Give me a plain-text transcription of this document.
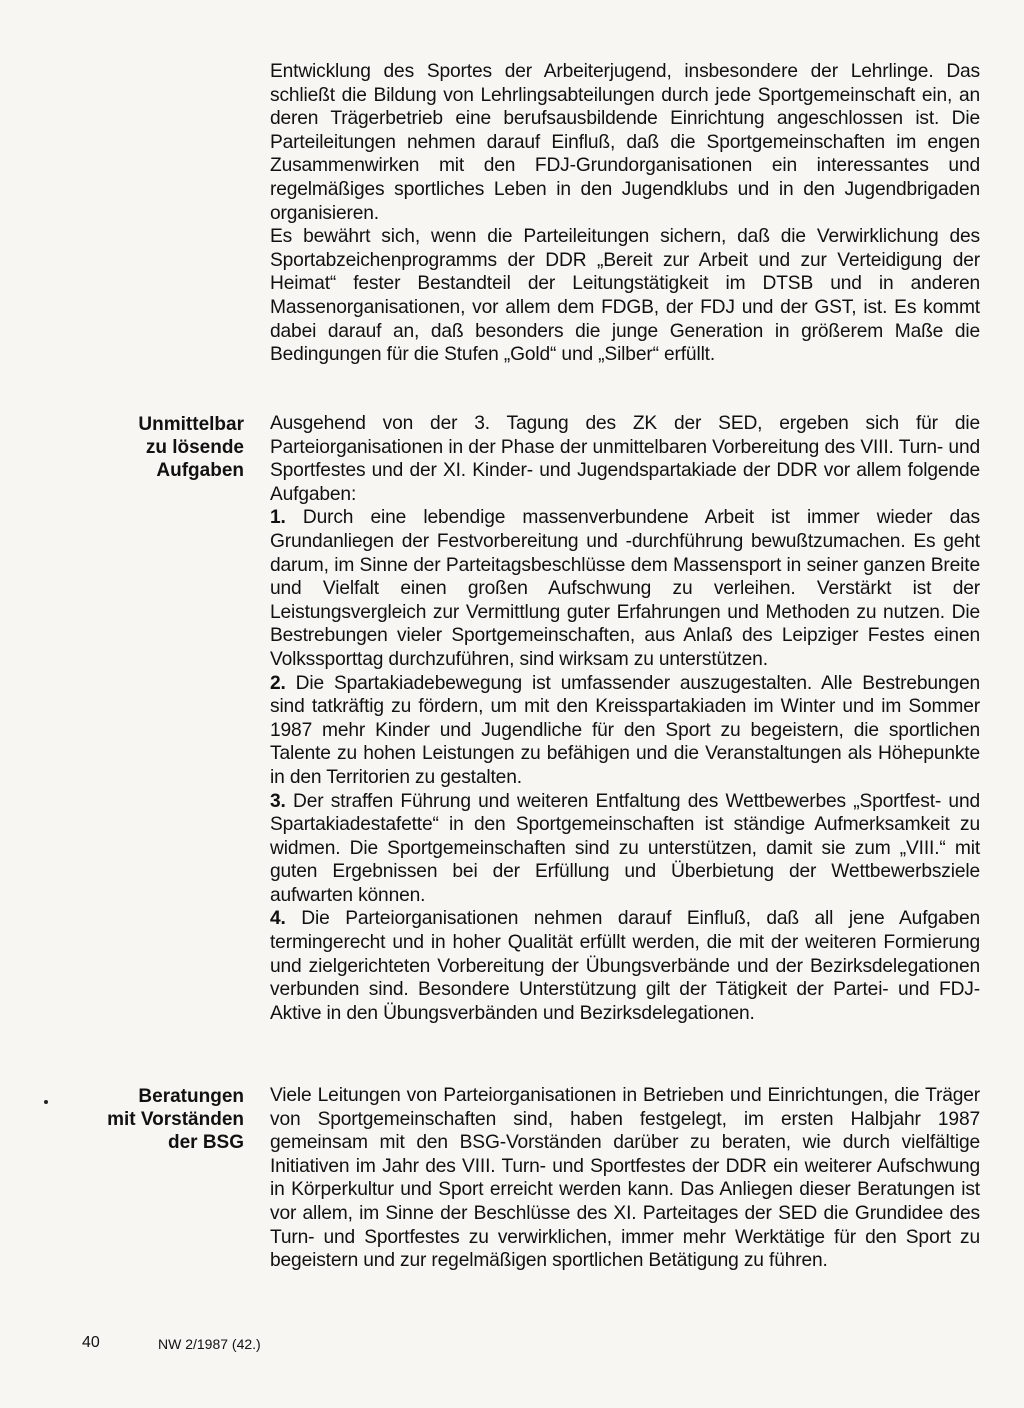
Entwicklung des Sportes der Arbeiterjugend, insbesondere der Lehrlinge. Das schließt die Bildung von Lehrlingsabteilungen durch jede Sportgemeinschaft ein, an deren Trägerbetrieb eine berufsausbildende Einrichtung angeschlossen ist. Die Parteileitungen nehmen darauf Einfluß, daß die Sportgemeinschaften im engen Zusammenwirken mit den FDJ-Grundorganisationen ein interessantes und regelmäßiges sportliches Leben in den Jugendklubs und in den Jugendbrigaden organisieren.

Es bewährt sich, wenn die Parteileitungen sichern, daß die Verwirklichung des Sportabzeichenprogramms der DDR „Bereit zur Arbeit und zur Verteidigung der Heimat“ fester Bestandteil der Leitungstätigkeit im DTSB und in anderen Massenorganisationen, vor allem dem FDGB, der FDJ und der GST, ist. Es kommt dabei darauf an, daß besonders die junge Generation in größerem Maße die Bedingungen für die Stufen „Gold“ und „Silber“ erfüllt.

Unmittelbar
zu lösende
Aufgaben

Ausgehend von der 3. Tagung des ZK der SED, ergeben sich für die Parteiorganisationen in der Phase der unmittelbaren Vorbereitung des VIII. Turn- und Sportfestes und der XI. Kinder- und Jugendspartakiade der DDR vor allem folgende Aufgaben:

1. Durch eine lebendige massenverbundene Arbeit ist immer wieder das Grundanliegen der Festvorbereitung und -durchführung bewußtzumachen. Es geht darum, im Sinne der Parteitagsbeschlüsse dem Massensport in seiner ganzen Breite und Vielfalt einen großen Aufschwung zu verleihen. Verstärkt ist der Leistungsvergleich zur Vermittlung guter Erfahrungen und Methoden zu nutzen. Die Bestrebungen vieler Sportgemeinschaften, aus Anlaß des Leipziger Festes einen Volkssporttag durchzuführen, sind wirksam zu unterstützen.

2. Die Spartakiadebewegung ist umfassender auszugestalten. Alle Bestrebungen sind tatkräftig zu fördern, um mit den Kreisspartakiaden im Winter und im Sommer 1987 mehr Kinder und Jugendliche für den Sport zu begeistern, die sportlichen Talente zu hohen Leistungen zu befähigen und die Veranstaltungen als Höhepunkte in den Territorien zu gestalten.

3. Der straffen Führung und weiteren Entfaltung des Wettbewerbes „Sportfest- und Spartakiadestafette“ in den Sportgemeinschaften ist ständige Aufmerksamkeit zu widmen. Die Sportgemeinschaften sind zu unterstützen, damit sie zum „VIII.“ mit guten Ergebnissen bei der Erfüllung und Überbietung der Wettbewerbsziele aufwarten können.

4. Die Parteiorganisationen nehmen darauf Einfluß, daß all jene Aufgaben termingerecht und in hoher Qualität erfüllt werden, die mit der weiteren Formierung und zielgerichteten Vorbereitung der Übungsverbände und der Bezirksdelegationen verbunden sind. Besondere Unterstützung gilt der Tätigkeit der Partei- und FDJ-Aktive in den Übungsverbänden und Bezirksdelegationen.

Beratungen
mit Vorständen
der BSG

Viele Leitungen von Parteiorganisationen in Betrieben und Einrichtungen, die Träger von Sportgemeinschaften sind, haben festgelegt, im ersten Halbjahr 1987 gemeinsam mit den BSG-Vorständen darüber zu beraten, wie durch vielfältige Initiativen im Jahr des VIII. Turn- und Sportfestes der DDR ein weiterer Aufschwung in Körperkultur und Sport erreicht werden kann. Das Anliegen dieser Beratungen ist vor allem, im Sinne der Beschlüsse des XI. Parteitages der SED die Grundidee des Turn- und Sportfestes zu verwirklichen, immer mehr Werktätige für den Sport zu begeistern und zur regelmäßigen sportlichen Betätigung zu führen.

40	NW 2/1987 (42.)
